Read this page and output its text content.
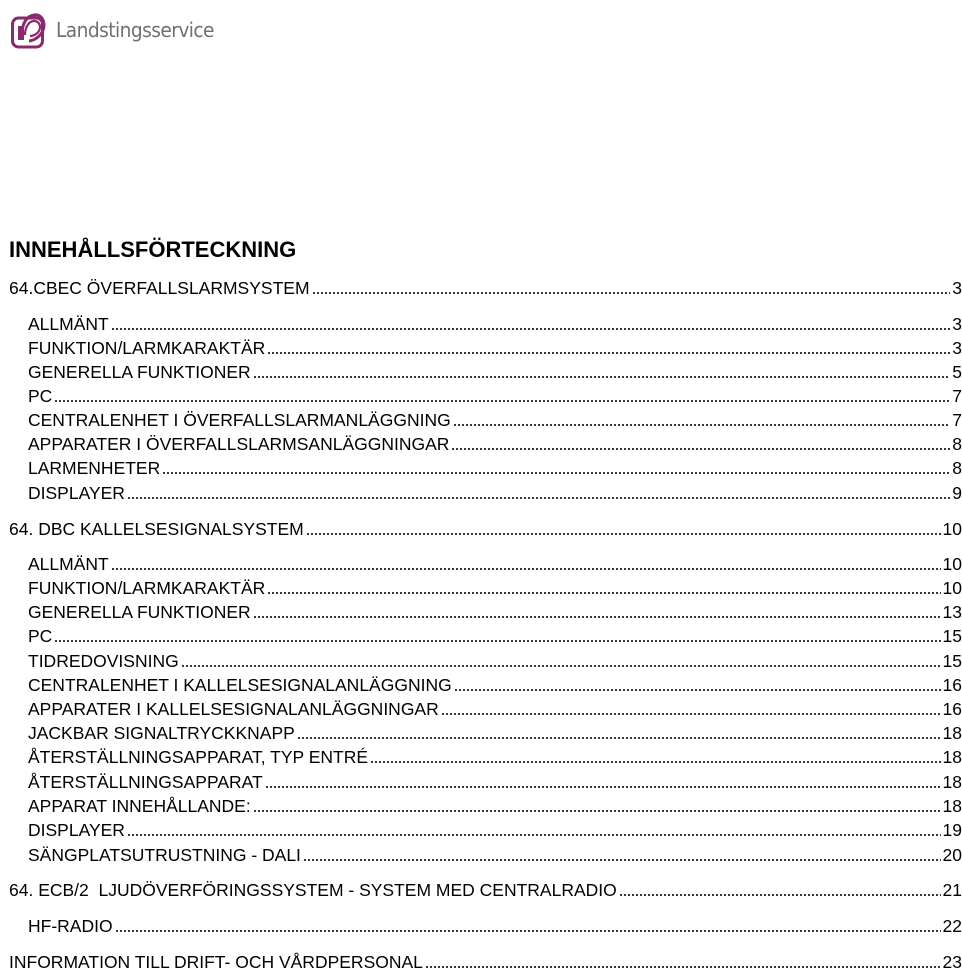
Landstingsservice
INNEHÅLLSFÖRTECKNING
64.CBEC ÖVERFALLSLARMSYSTEM	3
ALLMÄNT	3
FUNKTION/LARMKARAKTÄR	3
GENERELLA FUNKTIONER	5
PC	7
CENTRALENHET I ÖVERFALLSLARMANLÄGGNING	7
APPARATER I ÖVERFALLSLARMSANLÄGGNINGAR	8
LARMENHETER	8
DISPLAYER	9
64. DBC KALLELSESIGNALSYSTEM	10
ALLMÄNT	10
FUNKTION/LARMKARAKTÄR	10
GENERELLA FUNKTIONER	13
PC	15
TIDREDOVISNING	15
CENTRALENHET I KALLELSESIGNALANLÄGGNING	16
APPARATER I KALLELSESIGNALANLÄGGNINGAR	16
JACKBAR SIGNALTRYCKKNAPP	18
ÅTERSTÄLLNINGSAPPARAT, TYP ENTRÉ	18
ÅTERSTÄLLNINGSAPPARAT	18
APPARAT INNEHÅLLANDE:	18
DISPLAYER	19
SÄNGPLATSUTRUSTNING - DALI	20
64. ECB/2  LJUDÖVERFÖRINGSSYSTEM - SYSTEM MED CENTRALRADIO	21
HF-RADIO	22
INFORMATION TILL DRIFT- OCH VÅRDPERSONAL	23
